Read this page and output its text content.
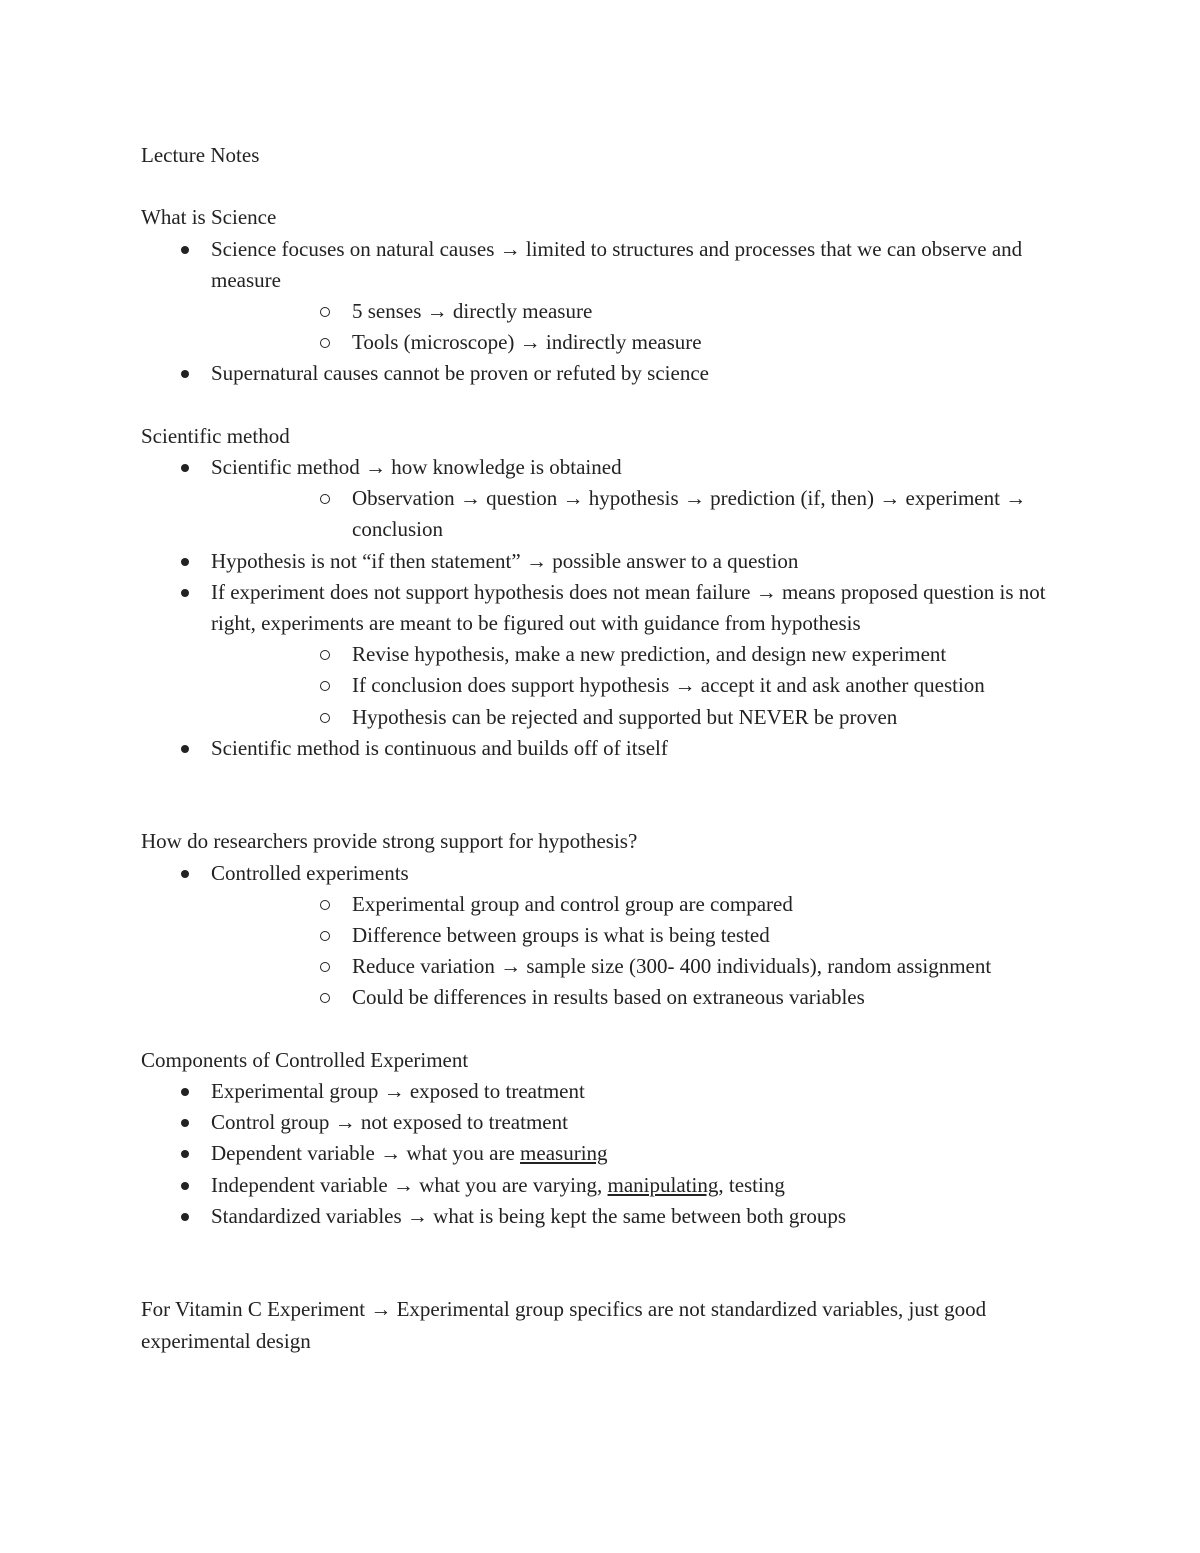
Lecture Notes

What is Science

Science focuses on natural causes → limited to structures and processes that we can observe and measure
5 senses → directly measure
Tools (microscope) → indirectly measure
Supernatural causes cannot be proven or refuted by science

Scientific method

Scientific method → how knowledge is obtained
Observation → question → hypothesis → prediction (if, then) → experiment → conclusion
Hypothesis is not “if then statement” → possible answer to a question
If experiment does not support hypothesis does not mean failure → means proposed question is not right, experiments are meant to be figured out with guidance from hypothesis
Revise hypothesis, make a new prediction, and design new experiment
If conclusion does support hypothesis → accept it and ask another question
Hypothesis can be rejected and supported but NEVER be proven
Scientific method is continuous and builds off of itself

How do researchers provide strong support for hypothesis?

Controlled experiments
Experimental group and control group are compared
Difference between groups is what is being tested
Reduce variation → sample size (300- 400 individuals), random assignment
Could be differences in results based on extraneous variables

Components of Controlled Experiment

Experimental group → exposed to treatment
Control group → not exposed to treatment
Dependent variable → what you are measuring
Independent variable → what you are varying, manipulating, testing
Standardized variables → what is being kept the same between both groups

For Vitamin C Experiment → Experimental group specifics are not standardized variables, just good experimental design
